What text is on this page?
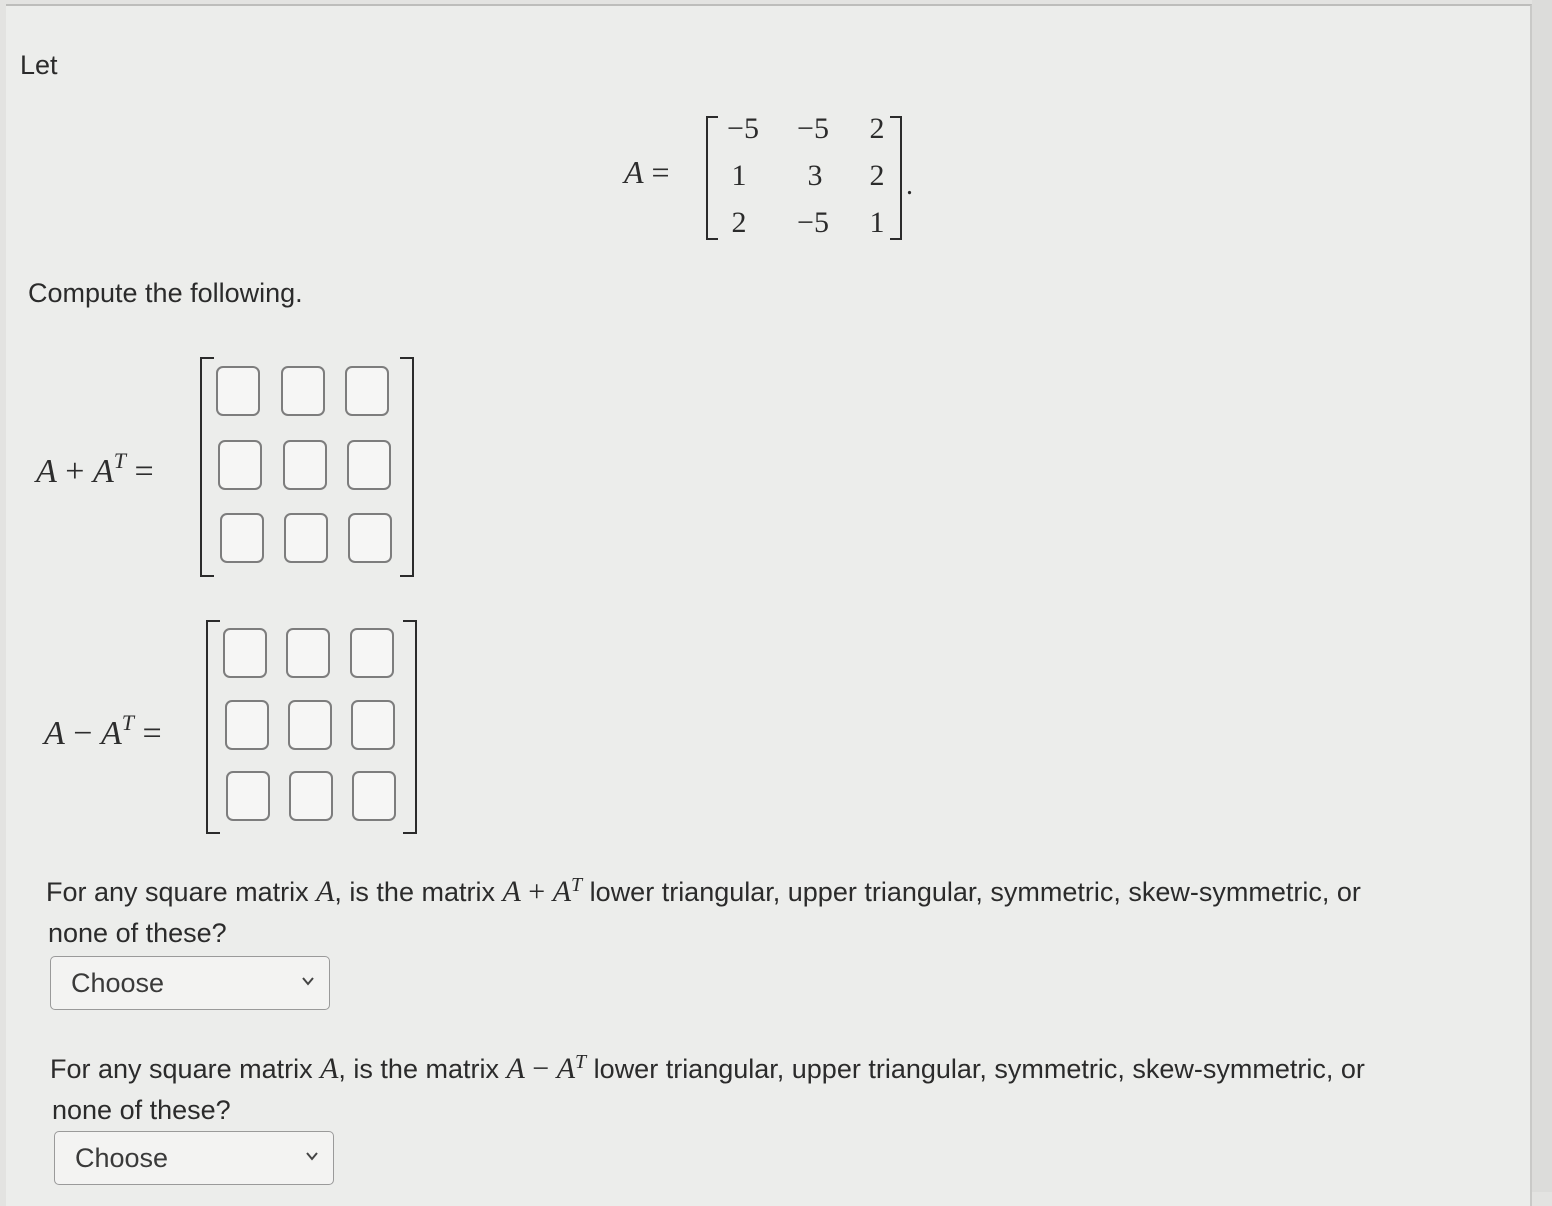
Let
A =
−5	−5	2
1	3	2
2	−5	1
.
Compute the following.
$A + A^T$ =
$A - A^T$ =
For any square matrix A, is the matrix $A + A^T$ lower triangular, upper triangular, symmetric, skew-symmetric, or
none of these?
Choose
For any square matrix A, is the matrix $A - A^T$ lower triangular, upper triangular, symmetric, skew-symmetric, or
none of these?
Choose
